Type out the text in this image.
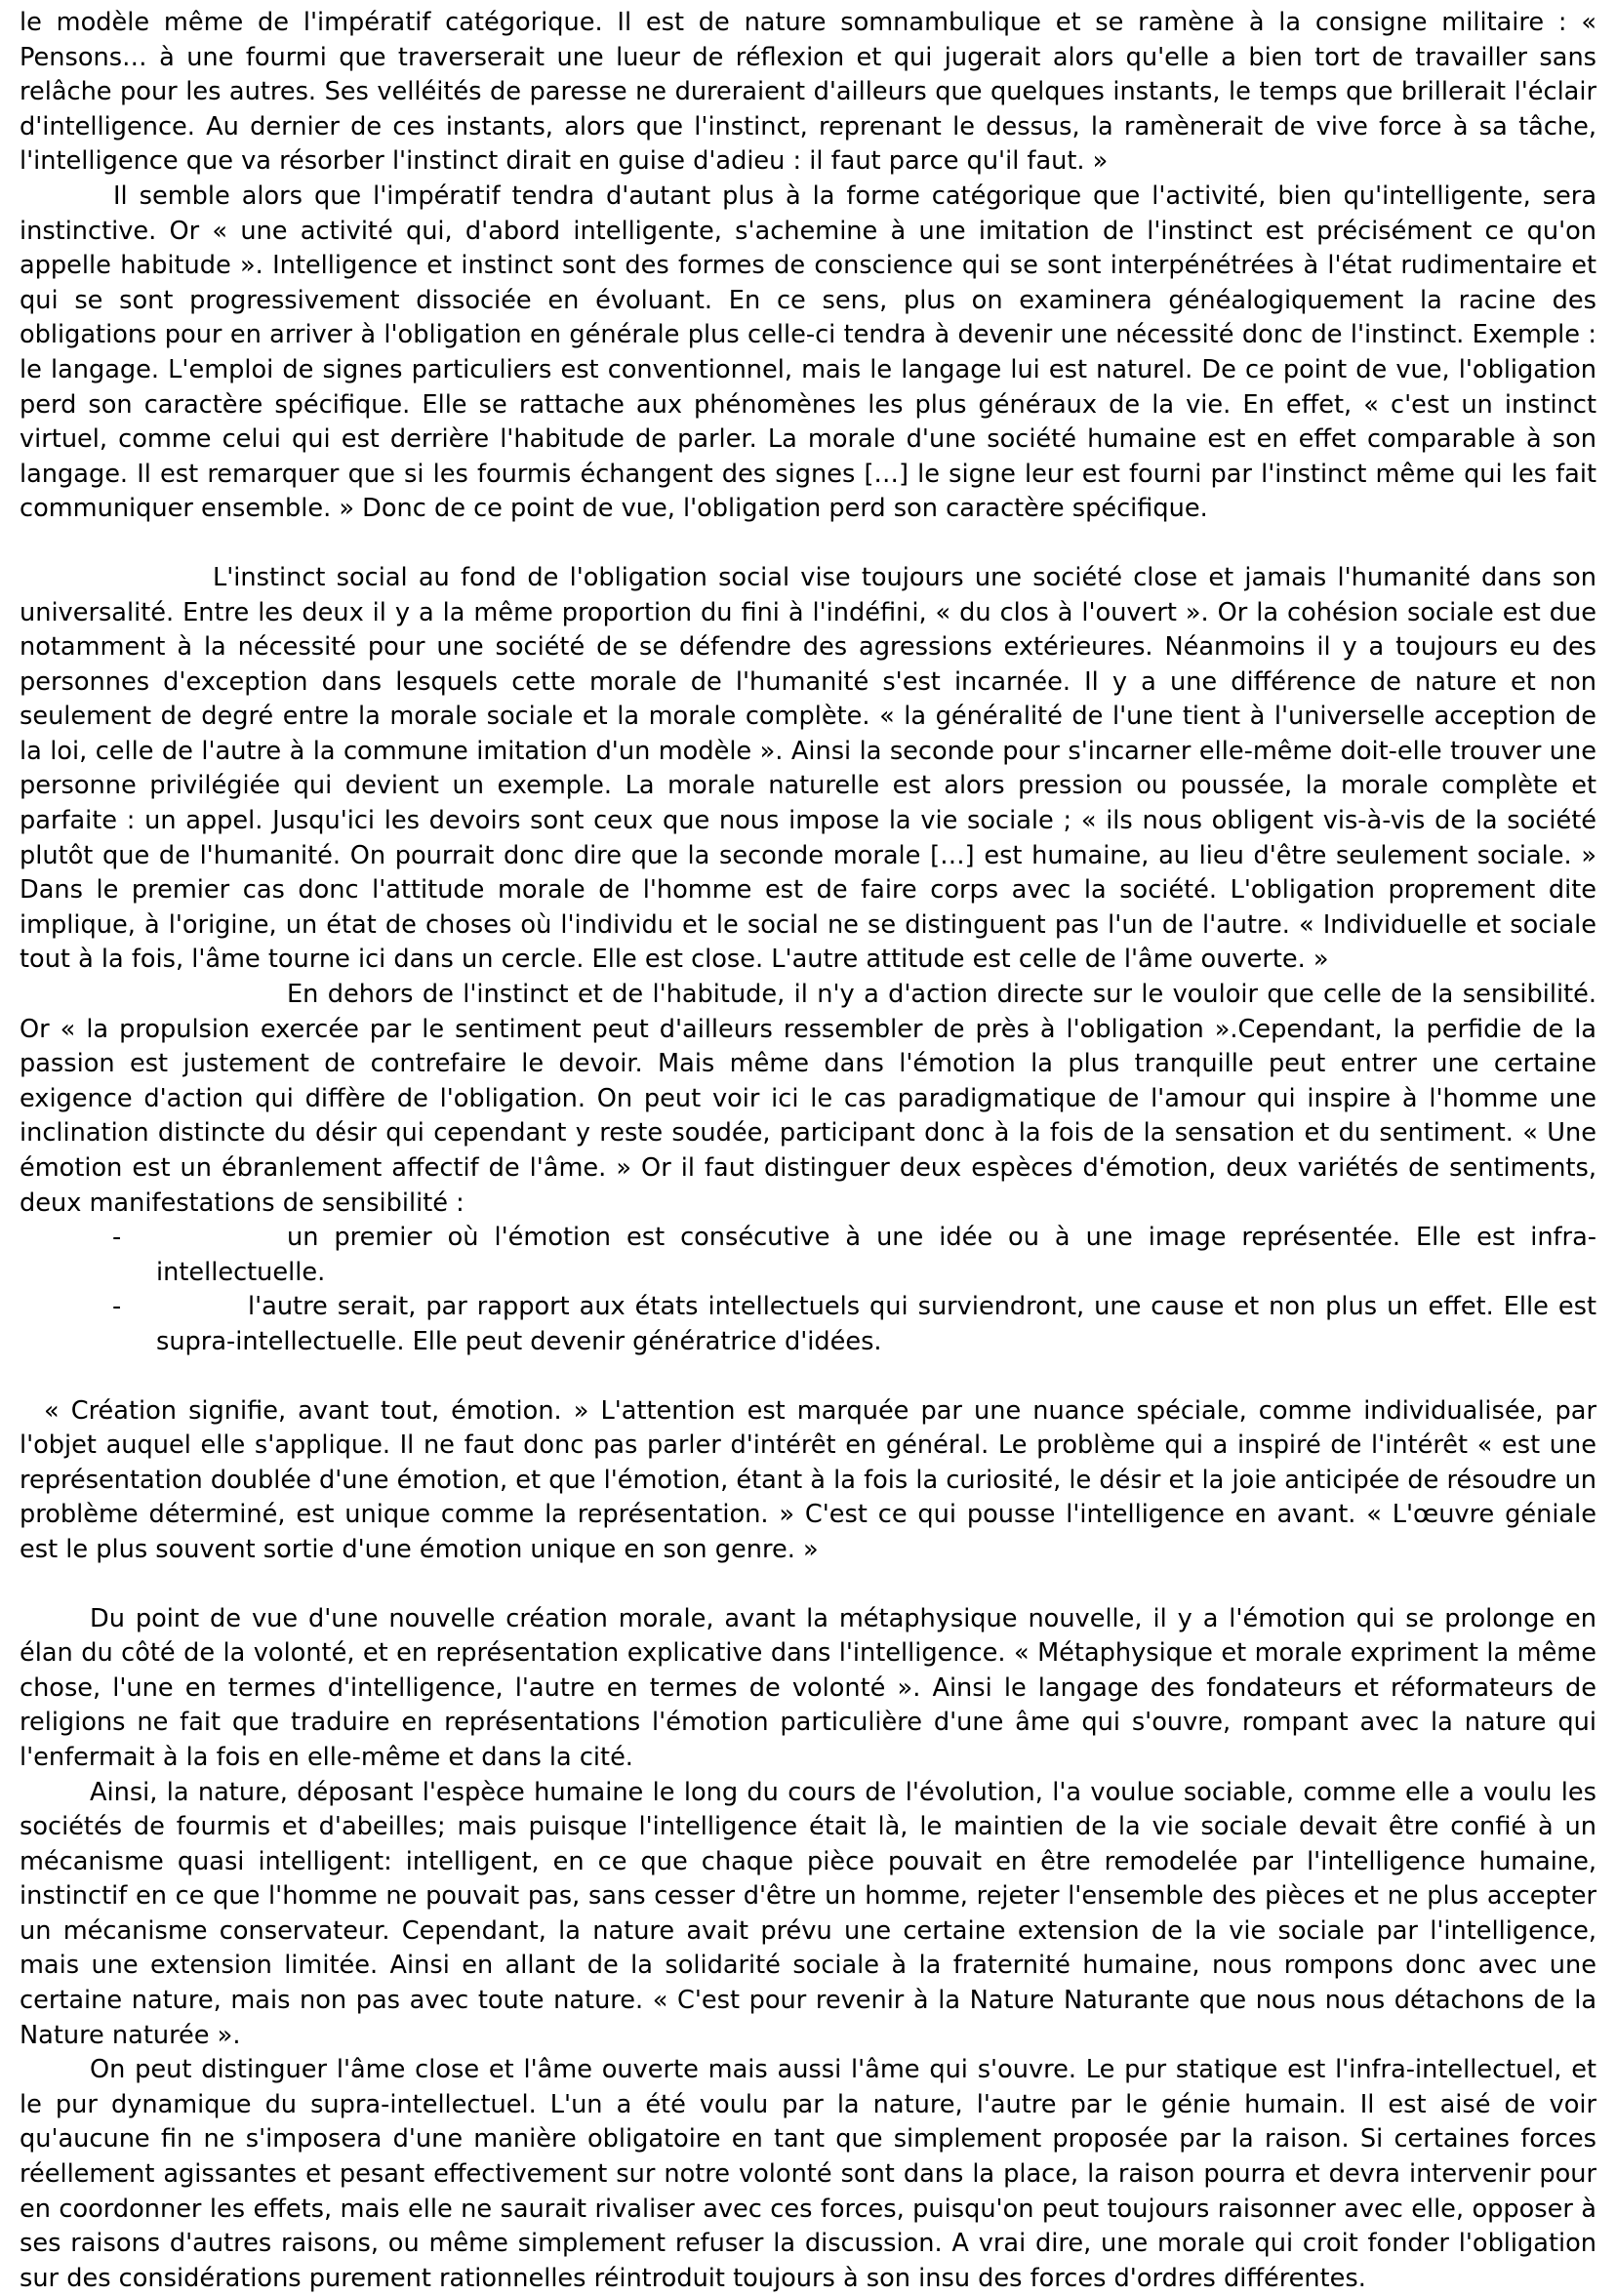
le modèle même de l'impératif catégorique. Il est de nature somnambulique et se ramène à la consigne militaire : « Pensons… à une fourmi que traverserait une lueur de réflexion et qui jugerait alors qu'elle a bien tort de travailler sans relâche pour les autres. Ses velléités de paresse ne dureraient d'ailleurs que quelques instants, le temps que brillerait l'éclair d'intelligence. Au dernier de ces instants, alors que l'instinct, reprenant le dessus, la ramènerait de vive force à sa tâche, l'intelligence que va résorber l'instinct dirait en guise d'adieu : il faut parce qu'il faut. »

Il semble alors que l'impératif tendra d'autant plus à la forme catégorique que l'activité, bien qu'intelligente, sera instinctive. Or « une activité qui, d'abord intelligente, s'achemine à une imitation de l'instinct est précisément ce qu'on appelle habitude ». Intelligence et instinct sont des formes de conscience qui se sont interpénétrées à l'état rudimentaire et qui se sont progressivement dissociée en évoluant. En ce sens, plus on examinera généalogiquement la racine des obligations pour en arriver à l'obligation en générale plus celle-ci tendra à devenir une nécessité donc de l'instinct. Exemple : le langage. L'emploi de signes particuliers est conventionnel, mais le langage lui est naturel. De ce point de vue, l'obligation perd son caractère spécifique. Elle se rattache aux phénomènes les plus généraux de la vie. En effet, « c'est un instinct virtuel, comme celui qui est derrière l'habitude de parler. La morale d'une société humaine est en effet comparable à son langage. Il est remarquer que si les fourmis échangent des signes […] le signe leur est fourni par l'instinct même qui les fait communiquer ensemble. » Donc de ce point de vue, l'obligation perd son caractère spécifique.

L'instinct social au fond de l'obligation social vise toujours une société close et jamais l'humanité dans son universalité. Entre les deux il y a la même proportion du fini à l'indéfini, « du clos à l'ouvert ». Or la cohésion sociale est due notamment à la nécessité pour une société de se défendre des agressions extérieures. Néanmoins il y a toujours eu des personnes d'exception dans lesquels cette morale de l'humanité s'est incarnée. Il y a une différence de nature et non seulement de degré entre la morale sociale et la morale complète. « la généralité de l'une tient à l'universelle acception de la loi, celle de l'autre à la commune imitation d'un modèle ». Ainsi la seconde pour s'incarner elle-même doit-elle trouver une personne privilégiée qui devient un exemple. La morale naturelle est alors pression ou poussée, la morale complète et parfaite : un appel. Jusqu'ici les devoirs sont ceux que nous impose la vie sociale ; « ils nous obligent vis-à-vis de la société plutôt que de l'humanité. On pourrait donc dire que la seconde morale […] est humaine, au lieu d'être seulement sociale. » Dans le premier cas donc l'attitude morale de l'homme est de faire corps avec la société. L'obligation proprement dite implique, à l'origine, un état de choses où l'individu et le social ne se distinguent pas l'un de l'autre. « Individuelle et sociale tout à la fois, l'âme tourne ici dans un cercle. Elle est close. L'autre attitude est celle de l'âme ouverte. »

En dehors de l'instinct et de l'habitude, il n'y a d'action directe sur le vouloir que celle de la sensibilité. Or « la propulsion exercée par le sentiment peut d'ailleurs ressembler de près à l'obligation ».Cependant, la perfidie de la passion est justement de contrefaire le devoir. Mais même dans l'émotion la plus tranquille peut entrer une certaine exigence d'action qui diffère de l'obligation. On peut voir ici le cas paradigmatique de l'amour qui inspire à l'homme une inclination distincte du désir qui cependant y reste soudée, participant donc à la fois de la sensation et du sentiment. « Une émotion est un ébranlement affectif de l'âme. » Or il faut distinguer deux espèces d'émotion, deux variétés de sentiments, deux manifestations de sensibilité :

-	un premier où l'émotion est consécutive à une idée ou à une image représentée. Elle est infra-intellectuelle.
-	l'autre serait, par rapport aux états intellectuels qui surviendront, une cause et non plus un effet. Elle est supra-intellectuelle. Elle peut devenir génératrice d'idées.

« Création signifie, avant tout, émotion. » L'attention est marquée par une nuance spéciale, comme individualisée, par l'objet auquel elle s'applique. Il ne faut donc pas parler d'intérêt en général. Le problème qui a inspiré de l'intérêt « est une représentation doublée d'une émotion, et que l'émotion, étant à la fois la curiosité, le désir et la joie anticipée de résoudre un problème déterminé, est unique comme la représentation. » C'est ce qui pousse l'intelligence en avant. « L'œuvre géniale est le plus souvent sortie d'une émotion unique en son genre. »

Du point de vue d'une nouvelle création morale, avant la métaphysique nouvelle, il y a l'émotion qui se prolonge en élan du côté de la volonté, et en représentation explicative dans l'intelligence. « Métaphysique et morale expriment la même chose, l'une en termes d'intelligence, l'autre en termes de volonté ». Ainsi le langage des fondateurs et réformateurs de religions ne fait que traduire en représentations l'émotion particulière d'une âme qui s'ouvre, rompant avec la nature qui l'enfermait à la fois en elle-même et dans la cité.

Ainsi, la nature, déposant l'espèce humaine le long du cours de l'évolution, l'a voulue sociable, comme elle a voulu les sociétés de fourmis et d'abeilles; mais puisque l'intelligence était là, le maintien de la vie sociale devait être confié à un mécanisme quasi intelligent: intelligent, en ce que chaque pièce pouvait en être remodelée par l'intelligence humaine, instinctif en ce que l'homme ne pouvait pas, sans cesser d'être un homme, rejeter l'ensemble des pièces et ne plus accepter un mécanisme conservateur. Cependant, la nature avait prévu une certaine extension de la vie sociale par l'intelligence, mais une extension limitée. Ainsi en allant de la solidarité sociale à la fraternité humaine, nous rompons donc avec une certaine nature, mais non pas avec toute nature. « C'est pour revenir à la Nature Naturante que nous nous détachons de la Nature naturée ».

On peut distinguer l'âme close et l'âme ouverte mais aussi l'âme qui s'ouvre. Le pur statique est l'infra-intellectuel, et le pur dynamique du supra-intellectuel. L'un a été voulu par la nature, l'autre par le génie humain. Il est aisé de voir qu'aucune fin ne s'imposera d'une manière obligatoire en tant que simplement proposée par la raison. Si certaines forces réellement agissantes et pesant effectivement sur notre volonté sont dans la place, la raison pourra et devra intervenir pour en coordonner les effets, mais elle ne saurait rivaliser avec ces forces, puisqu'on peut toujours raisonner avec elle, opposer à ses raisons d'autres raisons, ou même simplement refuser la discussion. A vrai dire, une morale qui croit fonder l'obligation sur des considérations purement rationnelles réintroduit toujours à son insu des forces d'ordres différentes.
